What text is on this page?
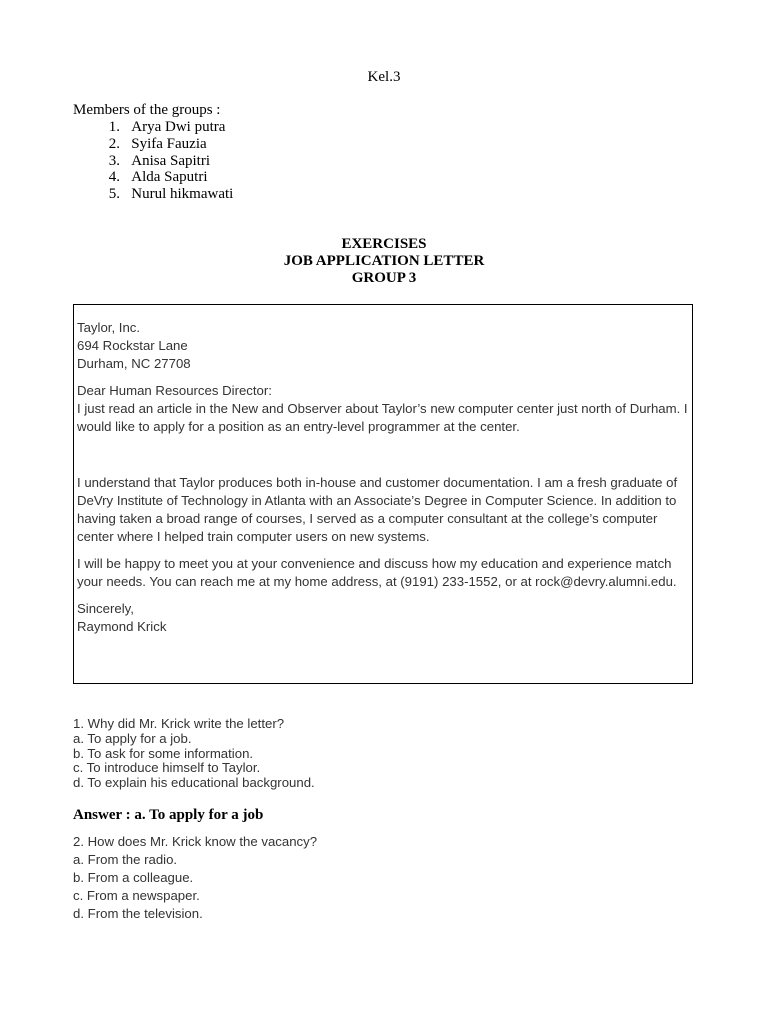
Kel.3
Members of the groups :
1. Arya Dwi putra
2. Syifa Fauzia
3. Anisa Sapitri
4. Alda Saputri
5. Nurul hikmawati
EXERCISES
JOB APPLICATION LETTER
GROUP 3

Taylor, Inc.

694 Rockstar Lane

Durham, NC 27708

Dear Human Resources Director:

I just read an article in the New and Observer about Taylor’s new computer center just north of Durham. I would like to apply for a position as an entry-level programmer at the center.

I understand that Taylor produces both in-house and customer documentation. I am a fresh graduate of DeVry Institute of Technology in Atlanta with an Associate’s Degree in Computer Science. In addition to having taken a broad range of courses, I served as a computer consultant at the college’s computer center where I helped train computer users on new systems.

I will be happy to meet you at your convenience and discuss how my education and experience match your needs. You can reach me at my home address, at (9191) 233-1552, or at rock@devry.alumni.edu.

Sincerely,

Raymond Krick

1. Why did Mr. Krick write the letter?
a. To apply for a job.
b. To ask for some information.
c. To introduce himself to Taylor.
d. To explain his educational background.
Answer : a. To apply for a job
2. How does Mr. Krick know the vacancy?
a. From the radio.
b. From a colleague.
c. From a newspaper.
d. From the television.
